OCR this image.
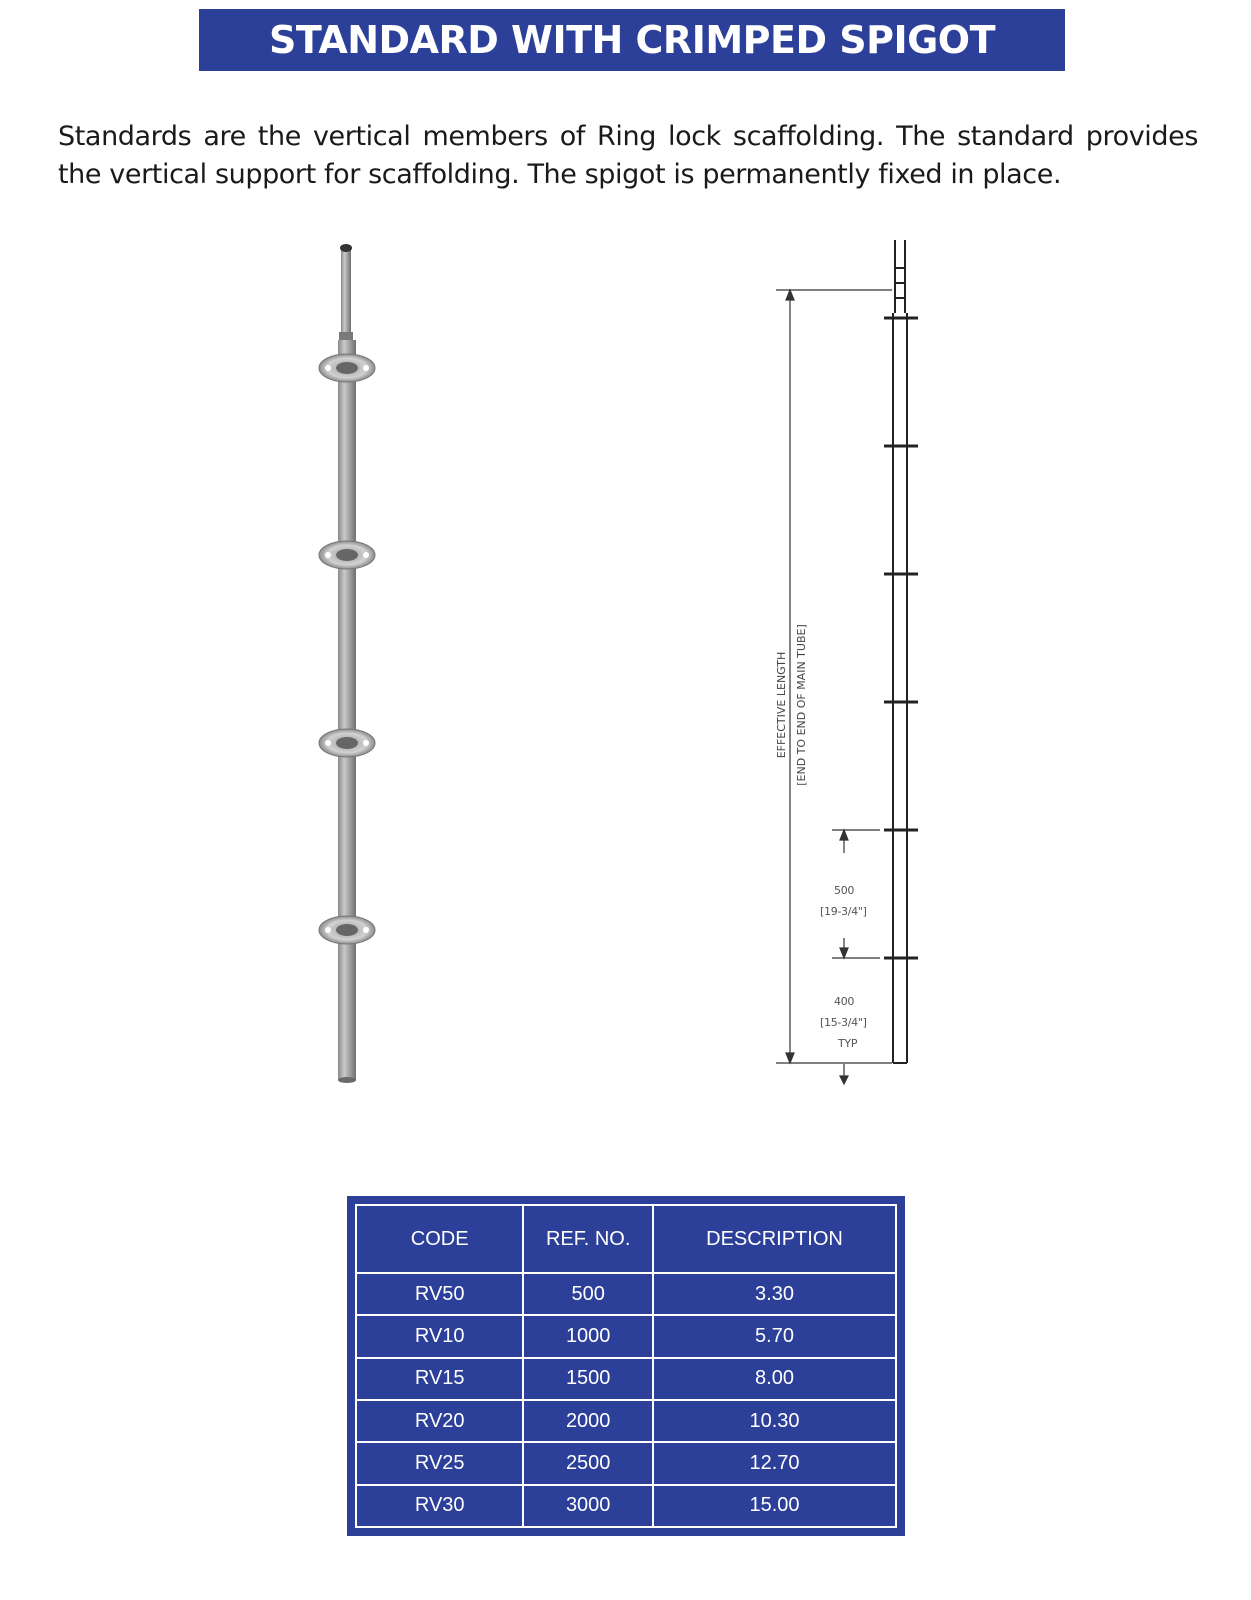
STANDARD WITH CRIMPED SPIGOT
Standards are the vertical members of Ring lock scaffolding. The standard provides
the vertical support for scaffolding. The spigot is permanently fixed in place.
EFFECTIVE LENGTH [END TO END OF MAIN TUBE]
500
[19-3/4"]
400
[15-3/4"]
TYP
CODE	REF. NO.	DESCRIPTION
RV50	500	3.30
RV10	1000	5.70
RV15	1500	8.00
RV20	2000	10.30
RV25	2500	12.70
RV30	3000	15.00
